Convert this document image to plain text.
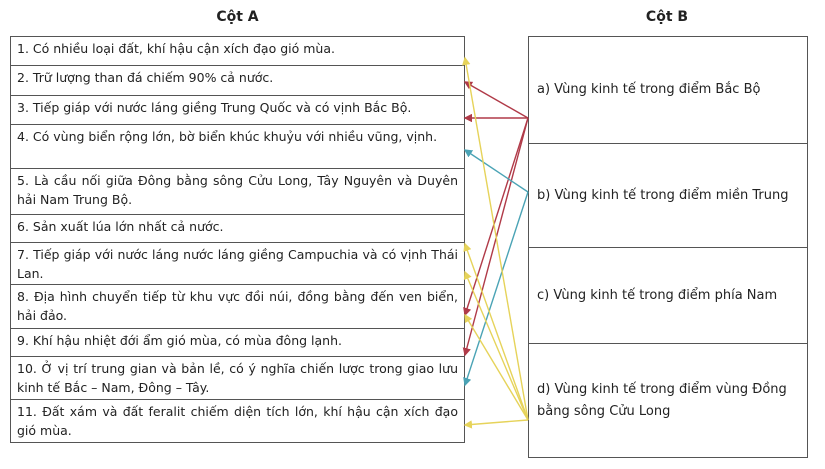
Cột A	Cột B
1. Có nhiều loại đất, khí hậu cận xích đạo gió mùa.
2. Trữ lượng than đá chiếm 90% cả nước.
3. Tiếp giáp với nước láng giềng Trung Quốc và có vịnh Bắc Bộ.
4. Có vùng biển rộng lớn, bờ biển khúc khuỷu với nhiều vũng, vịnh.
5. Là cầu nối giữa Đông bằng sông Cửu Long, Tây Nguyên và Duyên hải Nam Trung Bộ.
6. Sản xuất lúa lớn nhất cả nước.
7. Tiếp giáp với nước láng nước láng giềng Campuchia và có vịnh Thái Lan.
8. Địa hình chuyển tiếp từ khu vực đồi núi, đồng bằng đến ven biển, hải đảo.
9. Khí hậu nhiệt đới ẩm gió mùa, có mùa đông lạnh.
10. Ở vị trí trung gian và bản lề, có ý nghĩa chiến lược trong giao lưu kinh tế Bắc – Nam, Đông – Tây.
11. Đất xám và đất feralit chiếm diện tích lớn, khí hậu cận xích đạo gió mùa.
a) Vùng kinh tế trong điểm Bắc Bộ
b) Vùng kinh tế trong điểm miền Trung
c) Vùng kinh tế trong điểm phía Nam
d) Vùng kinh tế trong điểm vùng Đồng bằng sông Cửu Long
